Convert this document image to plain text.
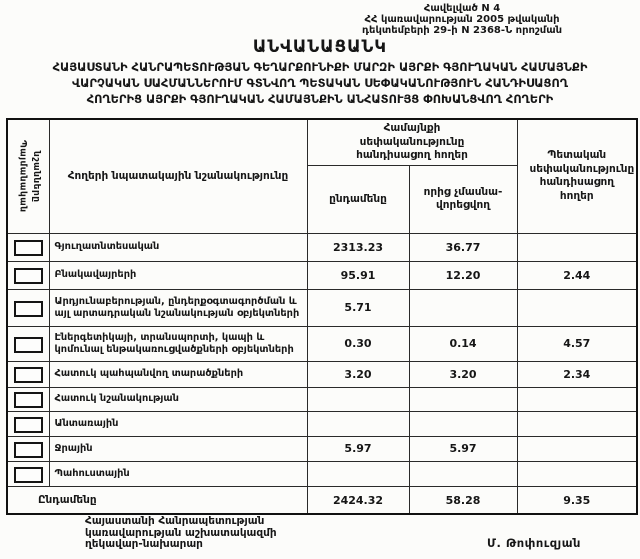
Հավելված N 4
ՀՀ կառավարության 2005 թվականի
դեկտեմբերի 29-ի N 2368-Ն որոշման
ԱՆՎԱՆԱՑԱՆԿ
ՀԱՅԱՍՏԱՆԻ ՀԱՆՐԱՊԵՏՈՒԹՅԱՆ ԳԵՂԱՐՔՈՒՆԻՔԻ ՄԱՐԶԻ ԱՅՐՔԻ ԳՅՈՒՂԱԿԱՆ ՀԱՄԱՅՆՔԻ
ՎԱՐՉԱԿԱՆ ՍԱՀՄԱՆՆԵՐՈՒՄ ԳՏՆՎՈՂ ՊԵՏԱԿԱՆ ՍԵՓԱԿԱՆՈՒԹՅՈՒՆ ՀԱՆԴԻՍԱՑՈՂ
ՀՈՂԵՐԻՑ ԱՅՐՔԻ ԳՅՈՒՂԱԿԱՆ ՀԱՄԱՅՆՔԻՆ ԱՆՀԱՏՈՒՅՑ ՓՈԽԱՆՑՎՈՂ ՀՈՂԵՐԻ
Պայմանական նշանները	Հողերի նպատակային նշանակությունը	Համայնքի սեփականությունը հանդիսացող հողեր		Պետական սեփականությունը հանդիսացող հողեր
		ընդամենը	որից չմասնա-վորեցվող	
	Գյուղատնտեսական	2313.23	36.77	
	Բնակավայրերի	95.91	12.20	2.44
	Արդյունաբերության, ընդերքօգտագործման և այլ արտադրական նշանակության օբյեկտների	5.71		
	Էներգետիկայի, տրանսպորտի, կապի և կոմունալ ենթակառուցվածքների օբյեկտների	0.30	0.14	4.57
	Հատուկ պահպանվող տարածքների	3.20	3.20	2.34
	Հատուկ նշանակության			
	Անտառային			
	Ջրային	5.97	5.97	
	Պահուստային			
Ընդամենը		2424.32	58.28	9.35
Հայաստանի Հանրապետության
կառավարության աշխատակազմի
ղեկավար-նախարար	Մ. Թոփուզյան
